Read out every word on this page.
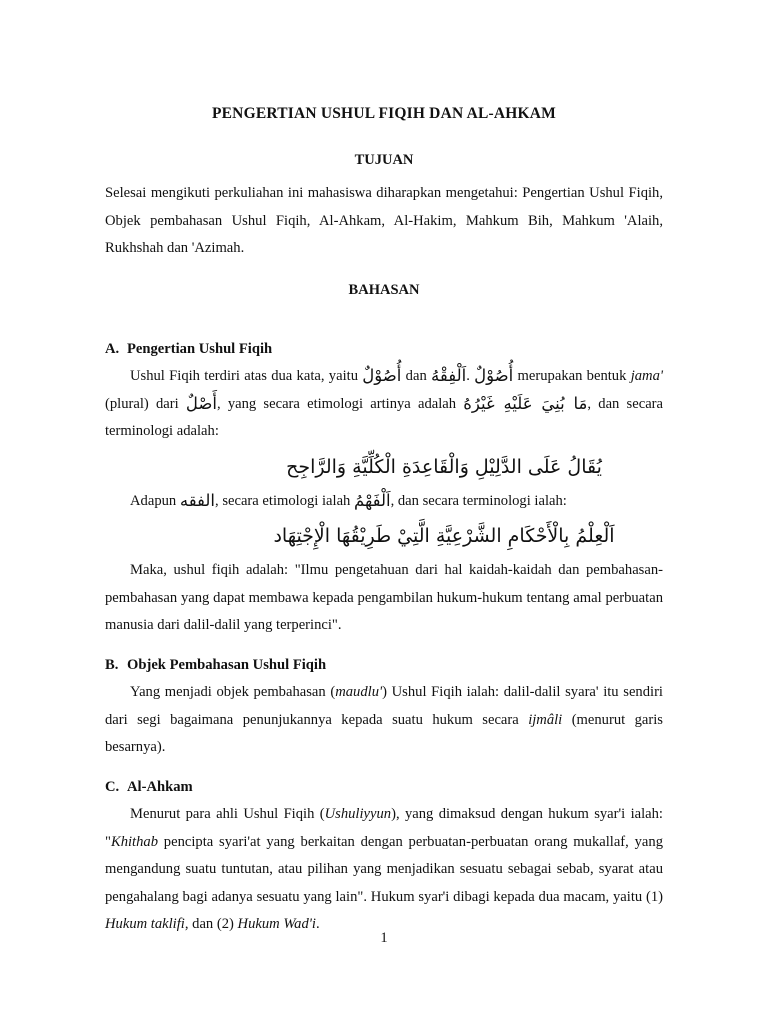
PENGERTIAN USHUL FIQIH DAN AL-AHKAM
TUJUAN

Selesai mengikuti perkuliahan ini mahasiswa diharapkan mengetahui: Pengertian Ushul Fiqih, Objek pembahasan Ushul Fiqih, Al-Ahkam, Al-Hakim, Mahkum Bih, Mahkum 'Alaih, Rukhshah dan 'Azimah.

BAHASAN
A. Pengertian Ushul Fiqih

Ushul Fiqih terdiri atas dua kata, yaitu أُصُوْلٌ dan اَلْفِقْهُ. أُصُوْلٌ merupakan bentuk jama' (plural) dari أَصْلٌ, yang secara etimologi artinya adalah مَا بُنِيَ عَلَيْهِ غَيْرُهُ, dan secara terminologi adalah:

يُقَالُ عَلَى الدَّلِيْلِ وَالْقَاعِدَةِ الْكُلِّيَّةِ وَالرَّاجِح

Adapun الفقه, secara etimologi ialah اَلْفَهْمُ, dan secara terminologi ialah:

اَلْعِلْمُ بِالْأَحْكَامِ الشَّرْعِيَّةِ الَّتِيْ طَرِيْقُهَا الْإِجْتِهَاد

Maka, ushul fiqih adalah: "Ilmu pengetahuan dari hal kaidah-kaidah dan pembahasan-pembahasan yang dapat membawa kepada pengambilan hukum-hukum tentang amal perbuatan manusia dari dalil-dalil yang terperinci".

B. Objek Pembahasan Ushul Fiqih

Yang menjadi objek pembahasan (maudlu') Ushul Fiqih ialah: dalil-dalil syara' itu sendiri dari segi bagaimana penunjukannya kepada suatu hukum secara ijmâli (menurut garis besarnya).

C. Al-Ahkam

Menurut para ahli Ushul Fiqih (Ushuliyyun), yang dimaksud dengan hukum syar'i ialah: "Khithab pencipta syari'at yang berkaitan dengan perbuatan-perbuatan orang mukallaf, yang mengandung suatu tuntutan, atau pilihan yang menjadikan sesuatu sebagai sebab, syarat atau pengahalang bagi adanya sesuatu yang lain". Hukum syar'i dibagi kepada dua macam, yaitu (1) Hukum taklifi, dan (2) Hukum Wad'i.

1
